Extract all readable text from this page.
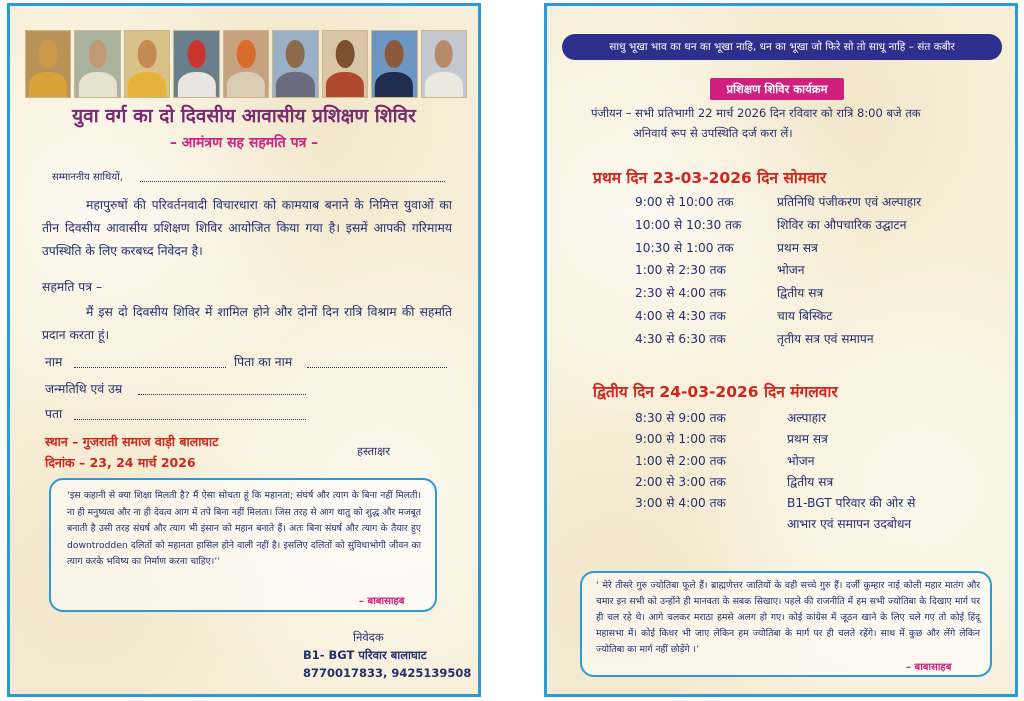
युवा वर्ग का दो दिवसीय आवासीय प्रशिक्षण शिविर
– आमंत्रण सह सहमति पत्र –
सम्माननीय साथियों,
महापुरुषों की परिवर्तनवादी विचारधारा को कामयाब बनाने के निमित्त युवाओं का तीन दिवसीय आवासीय प्रशिक्षण शिविर आयोजित किया गया है। इसमें आपकी गरिमामय उपस्थिति के लिए करबध्द निवेदन है।
सहमति पत्र –
मैं इस दो दिवसीय शिविर में शामिल होने और दोनों दिन रात्रि विश्राम की सहमति प्रदान करता हूं।
नाम	पिता का नाम
जन्मतिथि एवं उम्र
पता
स्थान – गुजराती समाज वाड़ी बालाघाट
दिनांक – 23, 24 मार्च 2026
हस्ताक्षर
‘इस कहानी से क्या शिक्षा मिलती है? मैं ऐसा सोचता हूं कि महानता; संघर्ष और त्याग के बिना नहीं मिलती। ना ही मनुष्यत्व और ना ही देवत्व आग में तपे बिना नहीं मिलता। जिस तरह से आग धातु को शुद्ध और मजबूत बनाती है उसी तरह संघर्ष और त्याग भी इंसान को महान बनाते हैं। अतः बिना संघर्ष और त्याग के तैयार हुए downtrodden दलितों को महानता हासिल होने वाली नहीं है। इसलिए दलितों को सुविधाभोगी जीवन का त्याग करके भविष्य का निर्माण करना चाहिए।’’
– बाबासाहब
निवेदक
B1- BGT परिवार बालाघाट
8770017833, 9425139508
साधु भूखा भाव का धन का भूखा नाहि, धन का भूखा जो फिरे सो तो साधू नाहि – संत कबीर
प्रशिक्षण शिविर कार्यक्रम
पंजीयन – सभी प्रतिभागी 22 मार्च 2026 दिन रविवार को रात्रि 8:00 बजे तक
अनिवार्य रूप से उपस्थिति दर्ज करा लें।
प्रथम दिन 23-03-2026 दिन सोमवार
9:00 से 10:00 तक	प्रतिनिधि पंजीकरण एवं अल्पाहार
10:00 से 10:30 तक	शिविर का औपचारिक उद्घाटन
10:30 से 1:00 तक	प्रथम सत्र
1:00 से 2:30 तक	भोजन
2:30 से 4:00 तक	द्वितीय सत्र
4:00 से 4:30 तक	चाय बिस्किट
4:30 से 6:30 तक	तृतीय सत्र एवं समापन
द्वितीय दिन 24-03-2026 दिन मंगलवार
8:30 से 9:00 तक	अल्पाहार
9:00 से 1:00 तक	प्रथम सत्र
1:00 से 2:00 तक	भोजन
2:00 से 3:00 तक	द्वितीय सत्र
3:00 से 4:00 तक	B1-BGT परिवार की ओर से
आभार एवं समापन उदबोधन
‘ मेरे तीसरे गुरु ज्योतिबा फूले हैं। ब्राह्मणेत्तर जातियों के वही सच्चे गुरु हैं। दर्जी कुम्हार नाई कोली महार मातंग और चमार इन सभी को उन्होंने ही मानवता के सबक सिखाए। पहले की राजनीति में हम सभी ज्योतिबा के दिखाए मार्ग पर ही चल रहे थे। आगे चलकर मराठा हमसे अलग हो गए। कोई कांग्रेस में जूठन खाने के लिए चले गए तो कोई हिंदू महासभा में। कोई किधर भी जाए लेकिन हम ज्योतिबा के मार्ग पर ही चलते रहेंगे। साथ में कुछ और लेंगे लेकिन ज्योतिबा का मार्ग नहीं छोड़ेंगे ।’
– बाबासाहब
